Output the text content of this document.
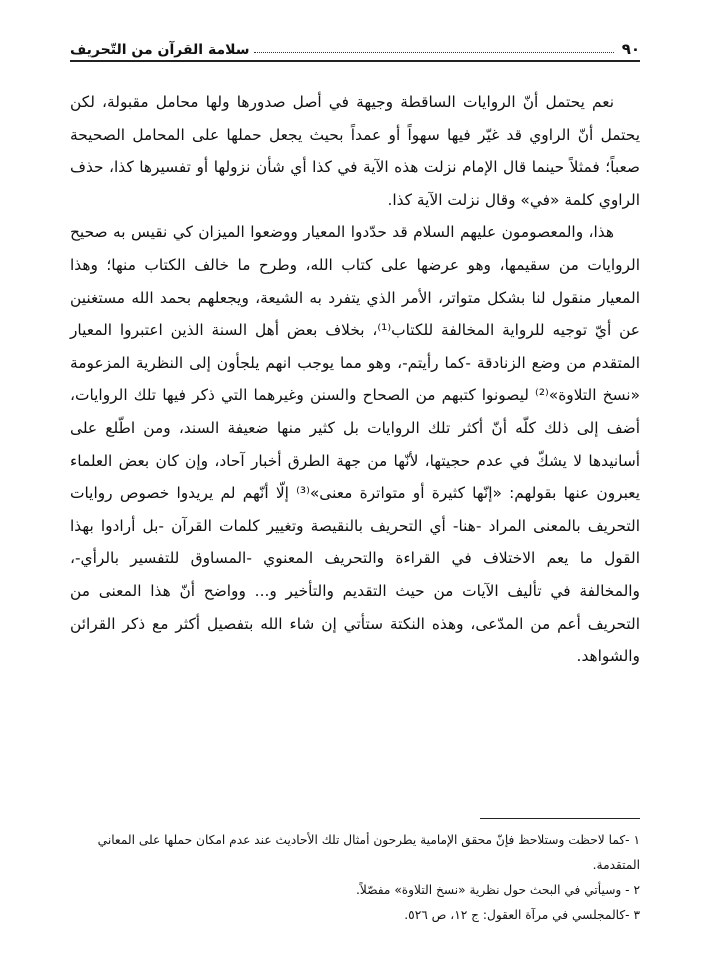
٩٠
سلامة القرآن من التّحريف

نعم يحتمل أنّ الروايات الساقطة وجيهة في أصل صدورها ولها محامل مقبولة، لكن يحتمل أنّ الراوي قد غيّر فيها سهواً أو عمداً بحيث يجعل حملها على المحامل الصحيحة صعباً؛ فمثلاً حينما قال الإمام نزلت هذه الآية في كذا أي شأن نزولها أو تفسيرها كذا، حذف الراوي كلمة «في» وقال نزلت الآية كذا.

هذا، والمعصومون عليهم السلام قد حدّدوا المعيار ووضعوا الميزان كي نقيس به صحيح الروايات من سقيمها، وهو عرضها على كتاب الله، وطرح ما خالف الكتاب منها؛ وهذا المعيار منقول لنا بشكل متواتر، الأمر الذي يتفرد به الشيعة، ويجعلهم بحمد الله مستغنين عن أيّ توجيه للرواية المخالفة للكتاب⁽¹⁾، بخلاف بعض أهل السنة الذين اعتبروا المعيار المتقدم من وضع الزنادقة -كما رأيتم-، وهو مما يوجب انهم يلجأون إلى النظرية المزعومة «نسخ التلاوة»⁽²⁾ ليصونوا كتبهم من الصحاح والسنن وغيرهما التي ذكر فيها تلك الروايات، أضف إلى ذلك كلّه أنّ أكثر تلك الروايات بل كثير منها ضعيفة السند، ومن اطّلع على أسانيدها لا يشكّ في عدم حجيتها، لأنّها من جهة الطرق أخبار آحاد، وإن كان بعض العلماء يعبرون عنها بقولهم: «إنّها كثيرة أو متواترة معنى»⁽³⁾ إلّا أنّهم لم يريدوا خصوص روايات التحريف بالمعنى المراد -هنا- أي التحريف بالنقيصة وتغيير كلمات القرآن -بل أرادوا بهذا القول ما يعم الاختلاف في القراءة والتحريف المعنوي -المساوق للتفسير بالرأي-، والمخالفة في تأليف الآيات من حيث التقديم والتأخير و... وواضح أنّ هذا المعنى من التحريف أعم من المدّعى، وهذه النكتة ستأتي إن شاء الله بتفصيل أكثر مع ذكر القرائن والشواهد.

١ -كما لاحظت وستلاحظ فإنّ محقق الإمامية يطرحون أمثال تلك الأحاديث عند عدم امكان حملها على المعاني المتقدمة.

٢ - وسيأتي في البحث حول نظرية «نسخ التلاوة» مفصّلاً.

٣ -كالمجلسي في مرآة العقول: ج ١٢، ص ٥٢٦.
